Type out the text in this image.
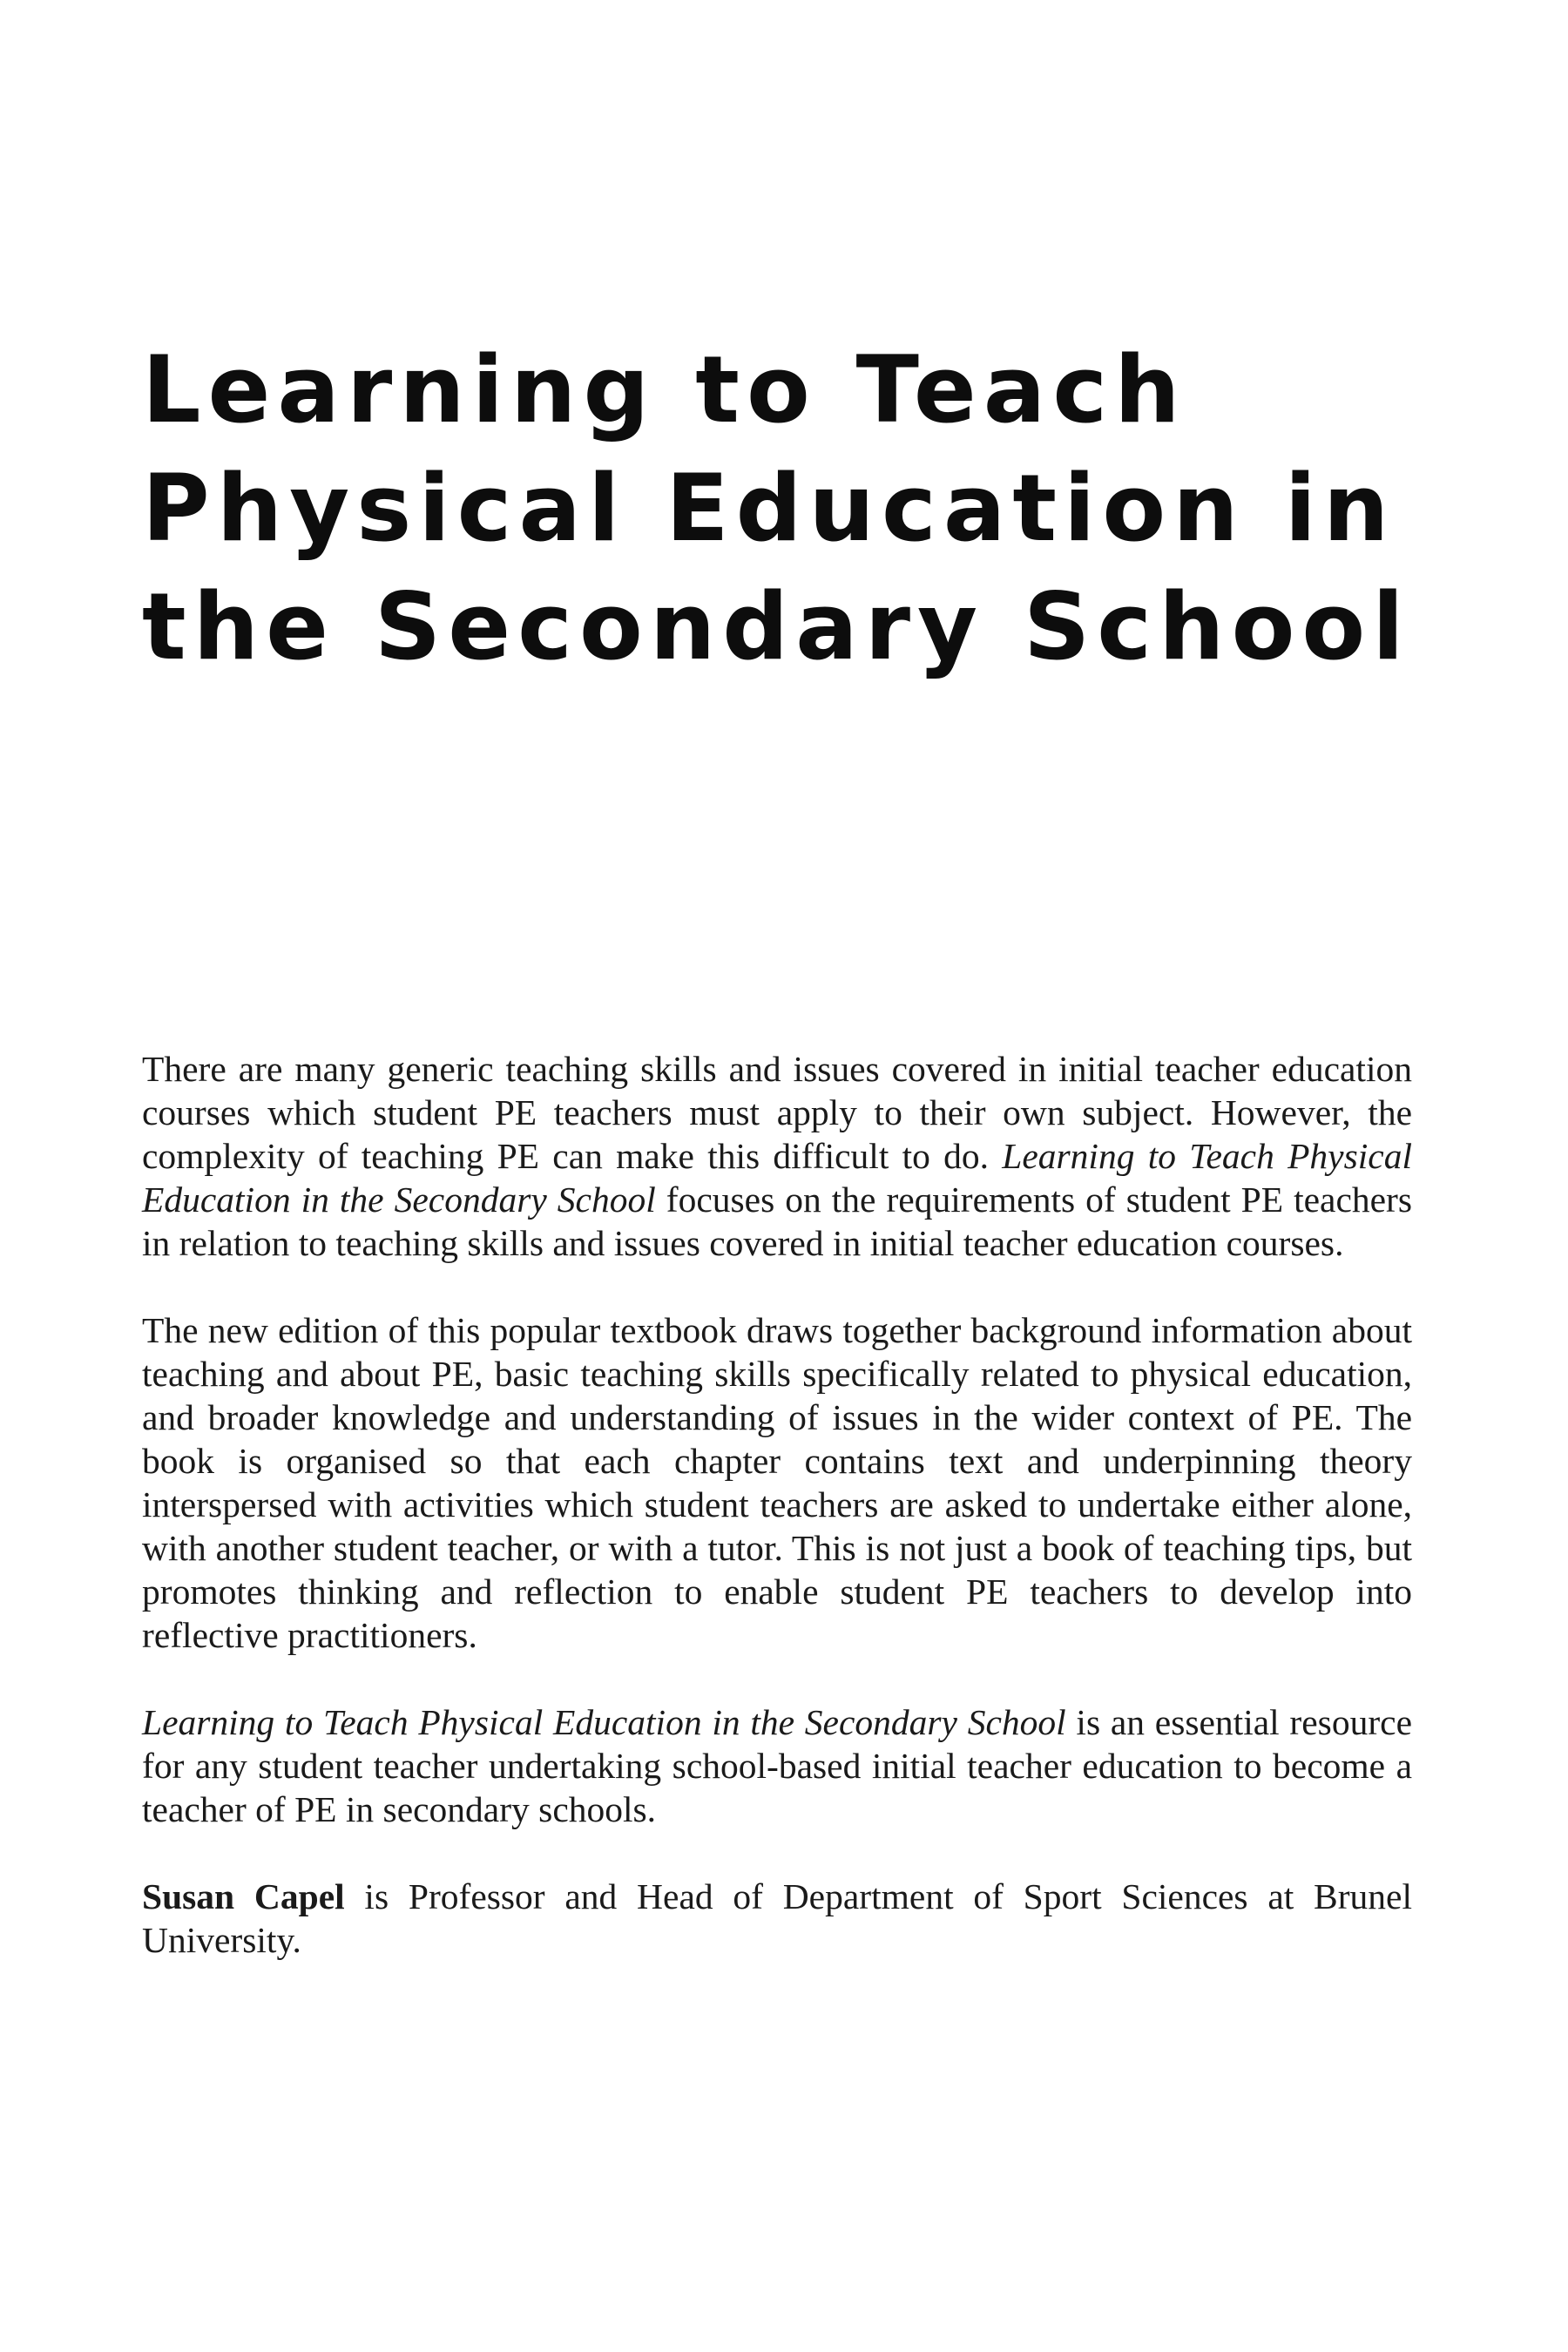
Learning to Teach
Physical Education in
the Secondary School

There are many generic teaching skills and issues covered in initial teacher education courses which student PE teachers must apply to their own subject. However, the complexity of teaching PE can make this difficult to do. Learning to Teach Physical Education in the Secondary School focuses on the requirements of student PE teachers in relation to teaching skills and issues covered in initial teacher education courses.

The new edition of this popular textbook draws together background information about teaching and about PE, basic teaching skills specifically related to physical education, and broader knowledge and understanding of issues in the wider context of PE. The book is organised so that each chapter contains text and underpinning theory interspersed with activities which student teachers are asked to undertake either alone, with another student teacher, or with a tutor. This is not just a book of teaching tips, but promotes thinking and reflection to enable student PE teachers to develop into reflective practitioners.

Learning to Teach Physical Education in the Secondary School is an essential resource for any student teacher undertaking school-based initial teacher education to become a teacher of PE in secondary schools.

Susan Capel is Professor and Head of Department of Sport Sciences at Brunel University.
